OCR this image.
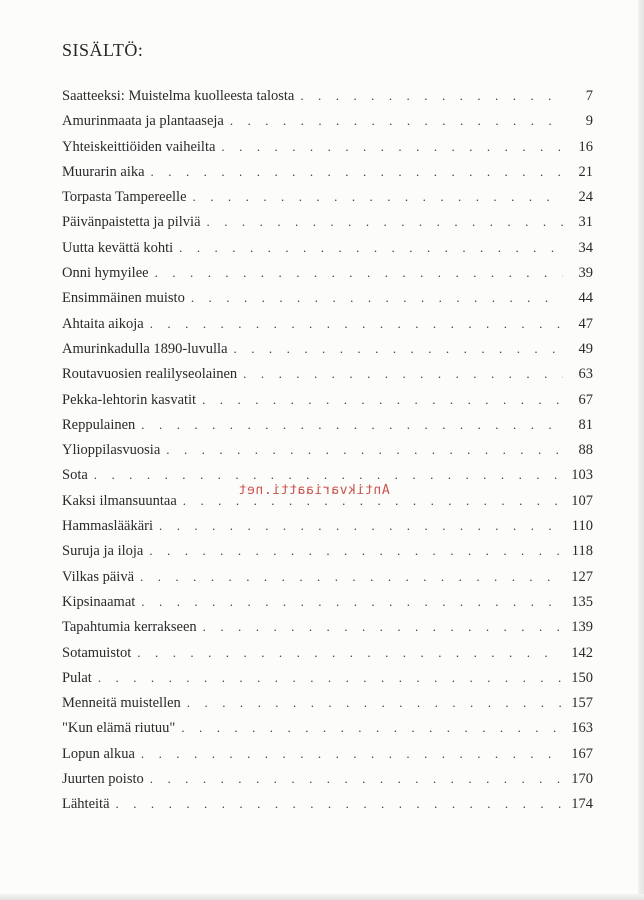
SISÄLTÖ:
Saatteeksi: Muistelma kuolleesta talosta . . .	7
Amurinmaata ja plantaaseja . . .	9
Yhteiskeittiöiden vaiheilta . . .	16
Muurarin aika . . .	21
Torpasta Tampereelle . . .	24
Päivänpaistetta ja pilviä . . .	31
Uutta kevättä kohti . . .	34
Onni hymyilee . . .	39
Ensimmäinen muisto . . .	44
Ahtaita aikoja . . .	47
Amurinkadulla 1890-luvulla . . .	49
Routavuosien realilyseolainen . . .	63
Pekka-lehtorin kasvatit . . .	67
Reppulainen . . .	81
Ylioppilasvuosia . . .	88
Sota . . .	103
Kaksi ilmansuuntaa . . .	107
Hammaslääkäri . . .	110
Suruja ja iloja . . .	118
Vilkas päivä . . .	127
Kipsinaamat . . .	135
Tapahtumia kerrakseen . . .	139
Sotamuistot . . .	142
Pulat . . .	150
Menneitä muistellen . . .	157
"Kun elämä riutuu" . . .	163
Lopun alkua . . .	167
Juurten poisto . . .	170
Lähteitä . . .	174
Antikvariaatti.net
